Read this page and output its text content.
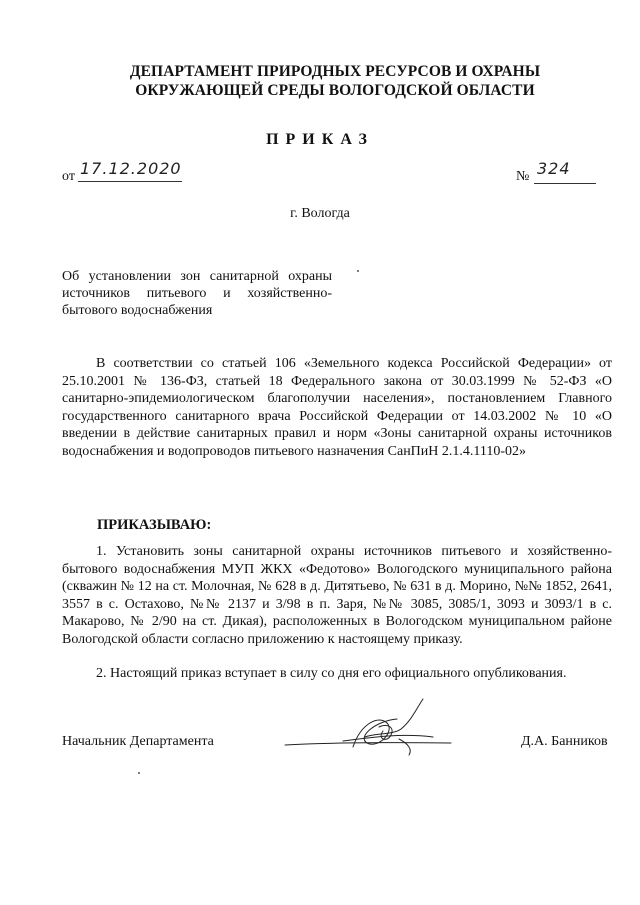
ДЕПАРТАМЕНТ ПРИРОДНЫХ РЕСУРСОВ И ОХРАНЫ
ОКРУЖАЮЩЕЙ СРЕДЫ ВОЛОГОДСКОЙ ОБЛАСТИ
ПРИКАЗ
от 17.12.2020	№ 324
г. Вологда
Об установлении зон санитарной охраны источников питьевого и хозяйственно-бытового водоснабжения
В соответствии со статьей 106 «Земельного кодекса Российской Федерации» от 25.10.2001 № 136-ФЗ, статьей 18 Федерального закона от 30.03.1999 № 52-ФЗ «О санитарно-эпидемиологическом благополучии населения», постановлением Главного государственного санитарного врача Российской Федерации от 14.03.2002 № 10 «О введении в действие санитарных правил и норм «Зоны санитарной охраны источников водоснабжения и водопроводов питьевого назначения СанПиН 2.1.4.1110-02»
ПРИКАЗЫВАЮ:
1. Установить зоны санитарной охраны источников питьевого и хозяйственно-бытового водоснабжения МУП ЖКХ «Федотово» Вологодского муниципального района (скважин № 12 на ст. Молочная, № 628 в д. Дитятьево, № 631 в д. Морино, №№ 1852, 2641, 3557 в с. Остахово, №№ 2137 и 3/98 в п. Заря, №№ 3085, 3085/1, 3093 и 3093/1 в с. Макарово, № 2/90 на ст. Дикая), расположенных в Вологодском муниципальном районе Вологодской области согласно приложению к настоящему приказу.
2. Настоящий приказ вступает в силу со дня его официального опубликования.
Начальник Департамента	Д.А. Банников
